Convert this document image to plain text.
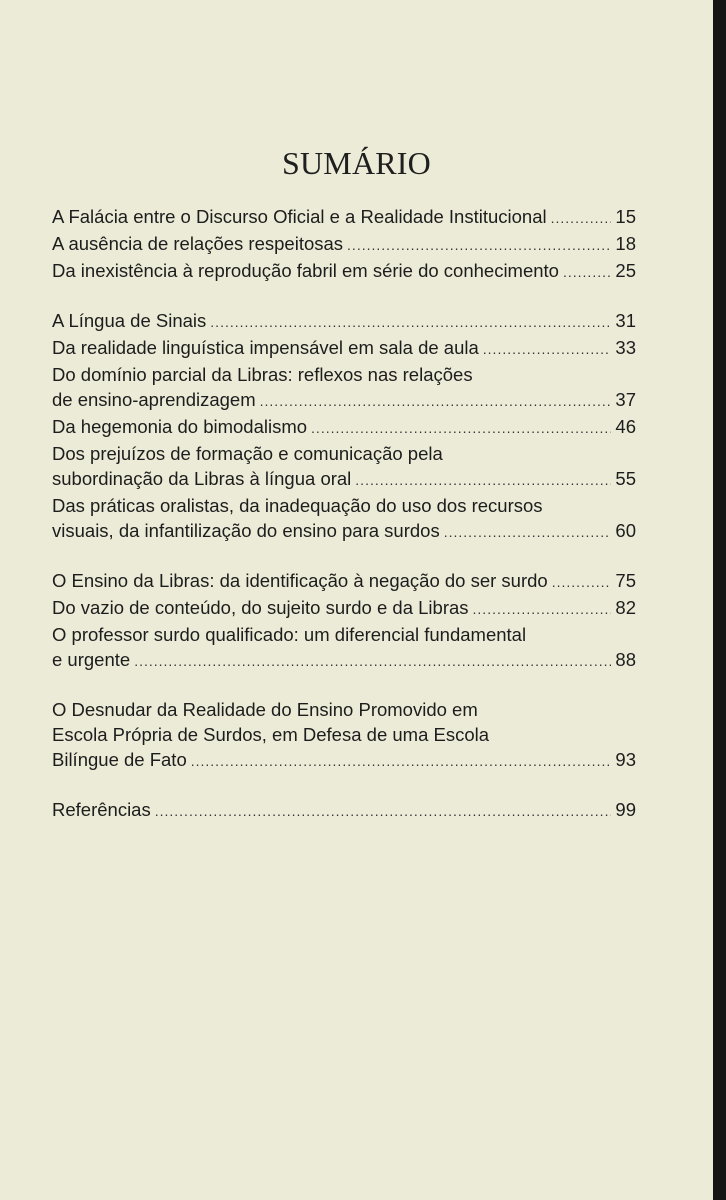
SUMÁRIO
A Falácia entre o Discurso Oficial e a Realidade Institucional .....	15
A ausência de relações respeitosas .....	18
Da inexistência à reprodução fabril em série do conhecimento .....	25
A Língua de Sinais .....	31
Da realidade linguística impensável em sala de aula .....	33
Do domínio parcial da Libras: reflexos nas relações
de ensino-aprendizagem .....	37
Da hegemonia do bimodalismo .....	46
Dos prejuízos de formação e comunicação pela
subordinação da Libras à língua oral .....	55
Das práticas oralistas, da inadequação do uso dos recursos
visuais, da infantilização do ensino para surdos .....	60
O Ensino da Libras: da identificação à negação do ser surdo .....	75
Do vazio de conteúdo, do sujeito surdo e da Libras .....	82
O professor surdo qualificado: um diferencial fundamental
e urgente .....	88
O Desnudar da Realidade do Ensino Promovido em
Escola Própria de Surdos, em Defesa de uma Escola
Bilíngue de Fato .....	93
Referências .....	99
